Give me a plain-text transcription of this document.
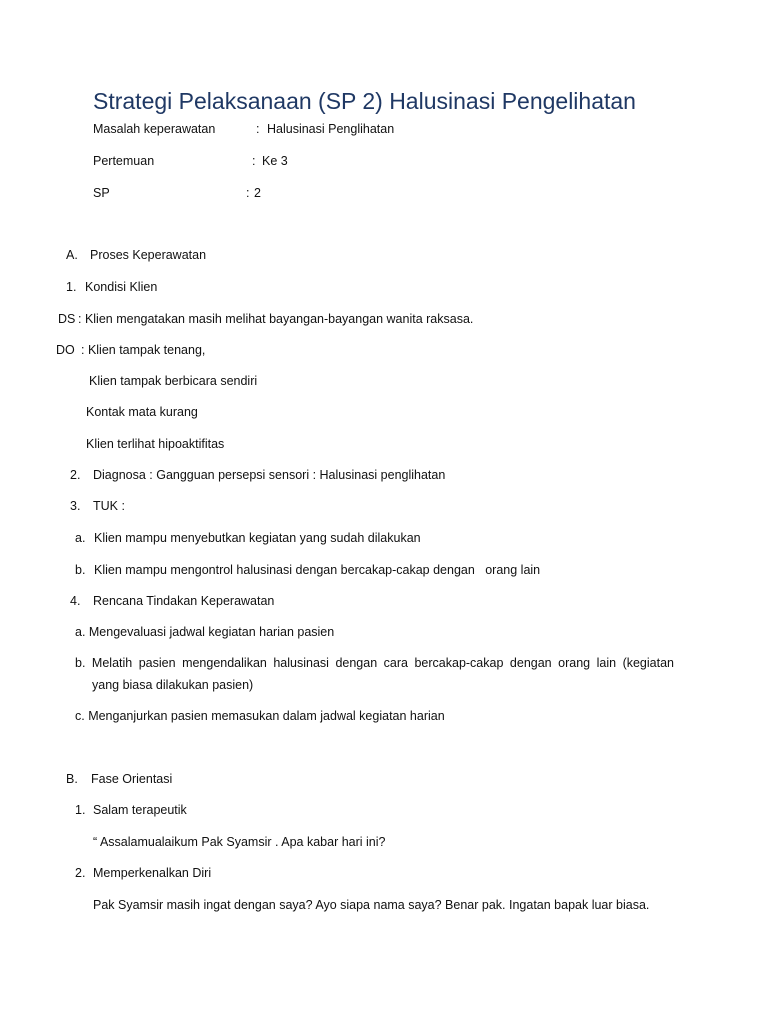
Strategi Pelaksanaan (SP 2) Halusinasi Pengelihatan
Masalah keperawatan	: Halusinasi Penglihatan
Pertemuan	: Ke 3
SP	: 2
A. Proses Keperawatan
1. Kondisi Klien
DS : Klien mengatakan masih melihat bayangan-bayangan wanita raksasa.
DO : Klien tampak tenang,
Klien tampak berbicara sendiri
Kontak mata kurang
Klien terlihat hipoaktifitas
2. Diagnosa : Gangguan persepsi sensori : Halusinasi penglihatan
3. TUK :
a. Klien mampu menyebutkan kegiatan yang sudah dilakukan
b. Klien mampu mengontrol halusinasi dengan bercakap-cakap dengan   orang lain
4. Rencana Tindakan Keperawatan
a. Mengevaluasi jadwal kegiatan harian pasien
b. Melatih pasien mengendalikan halusinasi dengan cara bercakap-cakap dengan orang lain (kegiatan
yang biasa dilakukan pasien)
c. Menganjurkan pasien memasukan dalam jadwal kegiatan harian
B. Fase Orientasi
1. Salam terapeutik
“ Assalamualaikum Pak Syamsir . Apa kabar hari ini?
2. Memperkenalkan Diri
Pak Syamsir masih ingat dengan saya? Ayo siapa nama saya? Benar pak. Ingatan bapak luar biasa.
